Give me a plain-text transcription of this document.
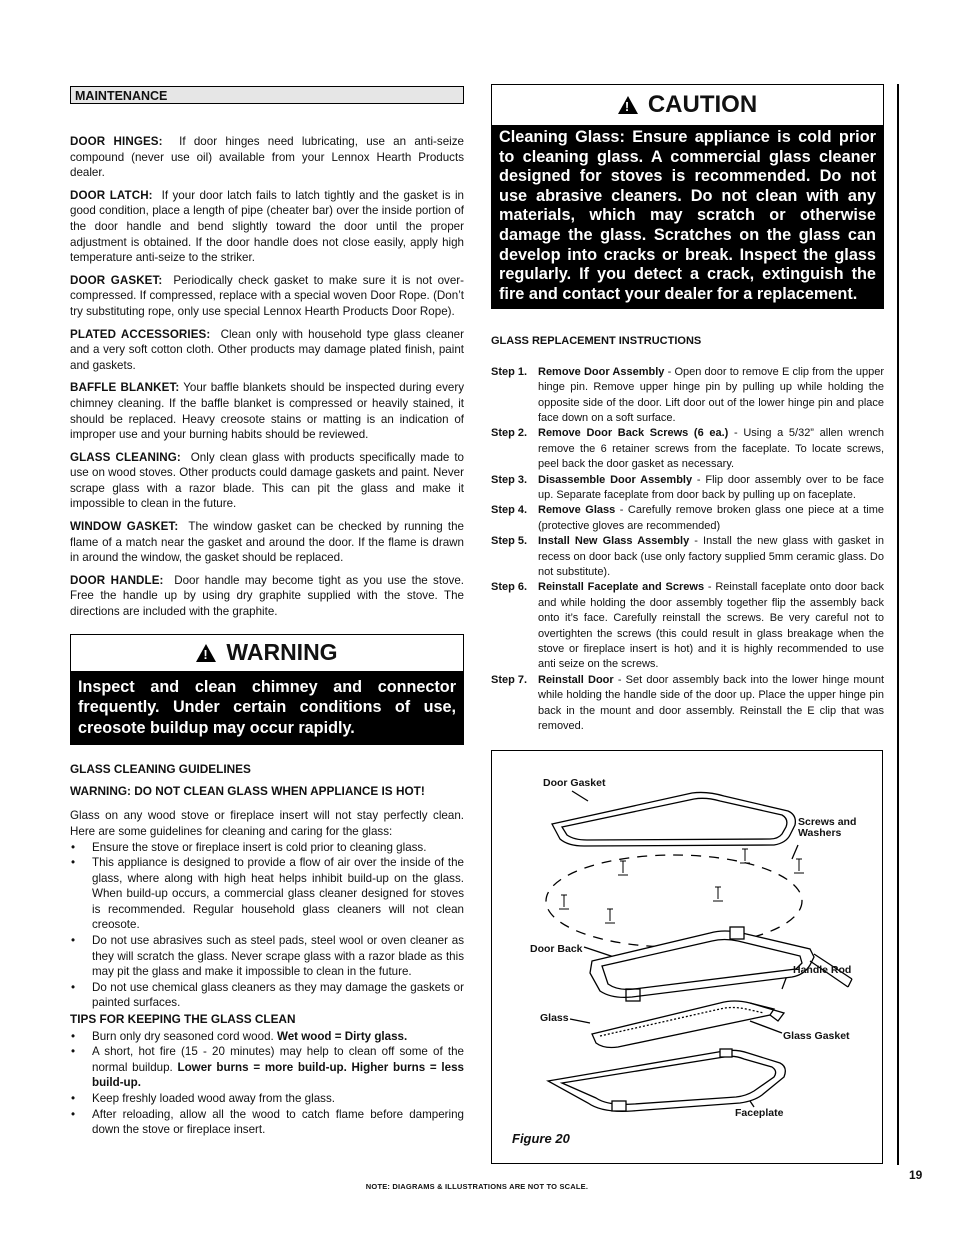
MAINTENANCE

DOOR HINGES: If door hinges need lubricating, use an anti-seize compound (never use oil) available from your Lennox Hearth Products dealer.

DOOR LATCH: If your door latch fails to latch tightly and the gasket is in good condition, place a length of pipe (cheater bar) over the inside portion of the door handle and bend slightly toward the door until the proper adjustment is obtained. If the door handle does not close easily, apply high temperature anti-seize to the striker.

DOOR GASKET: Periodically check gasket to make sure it is not over-compressed. If compressed, replace with a special woven Door Rope. (Don’t try substituting rope, only use special Lennox Hearth Products Door Rope).

PLATED ACCESSORIES: Clean only with household type glass cleaner and a very soft cotton cloth. Other products may damage plated finish, paint and gaskets.

BAFFLE BLANKET: Your baffle blankets should be inspected during every chimney cleaning. If the baffle blanket is compressed or heavily stained, it should be replaced. Heavy creosote stains or matting is an indication of improper use and your burning habits should be reviewed.

GLASS CLEANING: Only clean glass with products specifically made to use on wood stoves. Other products could damage gaskets and paint. Never scrape glass with a razor blade. This can pit the glass and make it impossible to clean in the future.

WINDOW GASKET: The window gasket can be checked by running the flame of a match near the gasket and around the door. If the flame is drawn in around the window, the gasket should be replaced.

DOOR HANDLE: Door handle may become tight as you use the stove. Free the handle up by using dry graphite supplied with the stove. The directions are included with the graphite.

! WARNING
Inspect and clean chimney and connector frequently. Under certain conditions of use, creosote buildup may occur rapidly.
GLASS CLEANING GUIDELINES
WARNING: DO NOT CLEAN GLASS WHEN APPLIANCE IS HOT!

Glass on any wood stove or fireplace insert will not stay perfectly clean. Here are some guidelines for cleaning and caring for the glass:

• Ensure the stove or fireplace insert is cold prior to cleaning glass.
• This appliance is designed to provide a flow of air over the inside of the glass, where along with high heat helps inhibit build-up on the glass. When build-up occurs, a commercial glass cleaner designed for stoves is recommended. Regular household glass cleaners will not clean creosote.
• Do not use abrasives such as steel pads, steel wool or oven cleaner as they will scratch the glass. Never scrape glass with a razor blade as this may pit the glass and make it impossible to clean in the future.
• Do not use chemical glass cleaners as they may damage the gaskets or painted surfaces.
TIPS FOR KEEPING THE GLASS CLEAN
• Burn only dry seasoned cord wood. Wet wood = Dirty glass.
• A short, hot fire (15 - 20 minutes) may help to clean off some of the normal buildup. Lower burns = more build-up. Higher burns = less build-up.
• Keep freshly loaded wood away from the glass.
• After reloading, allow all the wood to catch flame before dampering down the stove or fireplace insert.
! CAUTION
Cleaning Glass: Ensure appliance is cold prior to cleaning glass. A commercial glass cleaner designed for stoves is recommended. Do not use abrasive cleaners. Do not clean with any materials, which may scratch or otherwise damage the glass. Scratches on the glass can develop into cracks or break. Inspect the glass regularly. If you detect a crack, extinguish the fire and contact your dealer for a replacement.
GLASS REPLACEMENT INSTRUCTIONS
Step 1. Remove Door Assembly - Open door to remove E clip from the upper hinge pin. Remove upper hinge pin by pulling up while holding the opposite side of the door. Lift door out of the lower hinge pin and place face down on a soft surface.
Step 2. Remove Door Back Screws (6 ea.) - Using a 5/32” allen wrench remove the 6 retainer screws from the faceplate. To locate screws, peel back the door gasket as necessary.
Step 3. Disassemble Door Assembly - Flip door assembly over to be face up. Separate faceplate from door back by pulling up on faceplate.
Step 4. Remove Glass - Carefully remove broken glass one piece at a time (protective gloves are recommended)
Step 5. Install New Glass Assembly - Install the new glass with gasket in recess on door back (use only factory supplied 5mm ceramic glass. Do not substitute).
Step 6. Reinstall Faceplate and Screws - Reinstall faceplate onto door back and while holding the door assembly together flip the assembly back onto it’s face. Carefully reinstall the screws. Be very careful not to overtighten the screws (this could result in glass breakage when the stove or fireplace insert is hot) and it is highly recommended to use anti seize on the screws.
Step 7. Reinstall Door - Set door assembly back into the lower hinge mount while holding the handle side of the door up. Place the upper hinge pin back in the mount and door assembly. Reinstall the E clip that was removed.
Door Gasket
Screws and
Washers
Door Back
Handle Rod
Glass
Glass Gasket
Faceplate
Figure 20
19
NOTE: DIAGRAMS & ILLUSTRATIONS ARE NOT TO SCALE.
